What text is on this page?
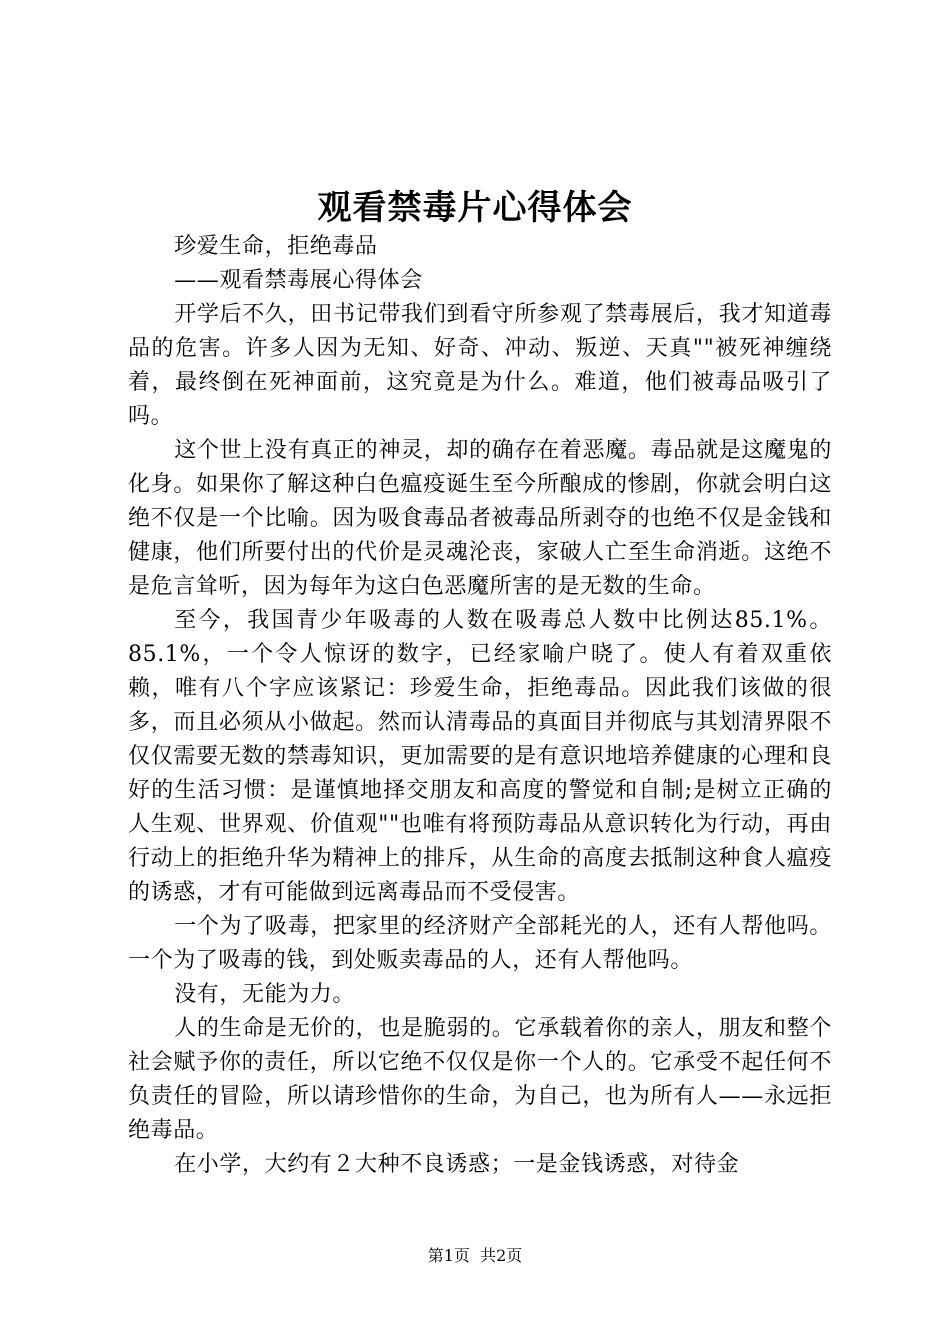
观看禁毒片心得体会

珍爱生命，拒绝毒品

——观看禁毒展心得体会

开学后不久，田书记带我们到看守所参观了禁毒展后，我才知道毒品的危害。许多人因为无知、好奇、冲动、叛逆、天真""被死神缠绕着，最终倒在死神面前，这究竟是为什么。难道，他们被毒品吸引了吗。

这个世上没有真正的神灵，却的确存在着恶魔。毒品就是这魔鬼的化身。如果你了解这种白色瘟疫诞生至今所酿成的惨剧，你就会明白这绝不仅是一个比喻。因为吸食毒品者被毒品所剥夺的也绝不仅是金钱和健康，他们所要付出的代价是灵魂沦丧，家破人亡至生命消逝。这绝不是危言耸听，因为每年为这白色恶魔所害的是无数的生命。

至今，我国青少年吸毒的人数在吸毒总人数中比例达85.1%。85.1%，一个令人惊讶的数字，已经家喻户晓了。使人有着双重依赖，唯有八个字应该紧记：珍爱生命，拒绝毒品。因此我们该做的很多，而且必须从小做起。然而认清毒品的真面目并彻底与其划清界限不仅仅需要无数的禁毒知识，更加需要的是有意识地培养健康的心理和良好的生活习惯：是谨慎地择交朋友和高度的警觉和自制;是树立正确的人生观、世界观、价值观""也唯有将预防毒品从意识转化为行动，再由行动上的拒绝升华为精神上的排斥，从生命的高度去抵制这种食人瘟疫的诱惑，才有可能做到远离毒品而不受侵害。

一个为了吸毒，把家里的经济财产全部耗光的人，还有人帮他吗。一个为了吸毒的钱，到处贩卖毒品的人，还有人帮他吗。

没有，无能为力。

人的生命是无价的，也是脆弱的。它承载着你的亲人，朋友和整个社会赋予你的责任，所以它绝不仅仅是你一个人的。它承受不起任何不负责任的冒险，所以请珍惜你的生命，为自己，也为所有人——永远拒绝毒品。

在小学，大约有２大种不良诱惑；一是金钱诱惑，对待金

第1页 共2页
